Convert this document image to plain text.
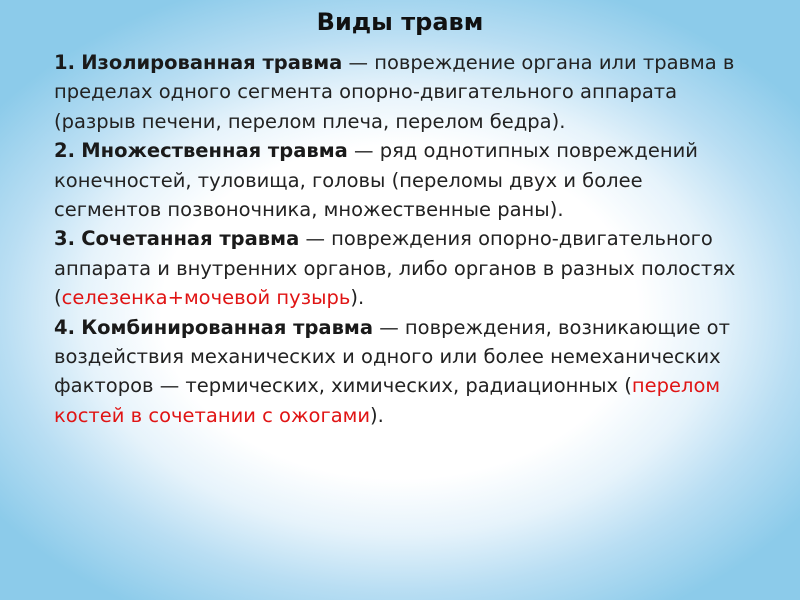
Виды травм

1. Изолированная травма — повреждение органа или травма в пределах одного сегмента опорно-двигательного аппарата (разрыв печени, перелом плеча, перелом бедра).

2. Множественная травма — ряд однотипных повреждений конечностей, туловища, головы (переломы двух и более сегментов позвоночника, множественные раны).

3. Сочетанная травма — повреждения опорно-двигательного аппарата и внутренних органов, либо органов в разных полостях (селезенка+мочевой пузырь).

4. Комбинированная травма — повреждения, возникающие от воздействия механических и одного или более немеханических факторов — термических, химических, радиационных (перелом костей в сочетании с ожогами).
